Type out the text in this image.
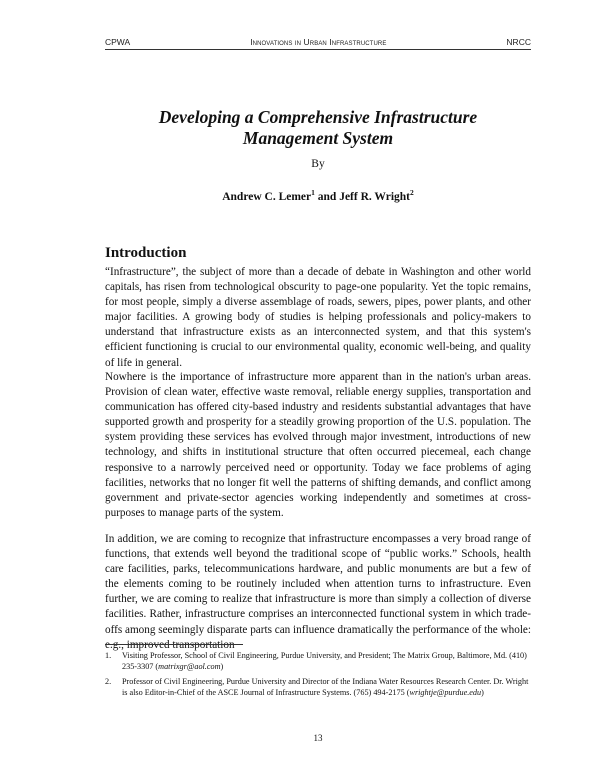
CPWA	Innovations in Urban Infrastructure	NRCC
Developing a Comprehensive Infrastructure
Management System
By
Andrew C. Lemer$^1$ and Jeff R. Wright$^2$
Introduction

“Infrastructure”, the subject of more than a decade of debate in Washington and other world capitals, has risen from technological obscurity to page-one popularity. Yet the topic remains, for most people, simply a diverse assemblage of roads, sewers, pipes, power plants, and other major facilities. A growing body of studies is helping professionals and policy-makers to understand that infrastructure exists as an interconnected system, and that this system's efficient functioning is crucial to our environmental quality, economic well-being, and quality of life in general.

Nowhere is the importance of infrastructure more apparent than in the nation's urban areas. Provision of clean water, effective waste removal, reliable energy supplies, transportation and communication has offered city-based industry and residents substantial advantages that have supported growth and prosperity for a steadily growing proportion of the U.S. population. The system providing these services has evolved through major investment, introductions of new technology, and shifts in institutional structure that often occurred piecemeal, each change responsive to a narrowly perceived need or opportunity. Today we face problems of aging facilities, networks that no longer fit well the patterns of shifting demands, and conflict among government and private-sector agencies working independently and sometimes at cross-purposes to manage parts of the system.

In addition, we are coming to recognize that infrastructure encompasses a very broad range of functions, that extends well beyond the traditional scope of “public works.” Schools, health care facilities, parks, telecommunications hardware, and public monuments are but a few of the elements coming to be routinely included when attention turns to infrastructure. Even further, we are coming to realize that infrastructure is more than simply a collection of diverse facilities. Rather, infrastructure comprises an interconnected functional system in which trade-offs among seemingly disparate parts can influence dramatically the performance of the whole: e.g., improved transportation

1.	Visiting Professor, School of Civil Engineering, Purdue University, and President; The Matrix Group, Baltimore, Md. (410) 235-3307 (matrixgr@aol.com)
2.	Professor of Civil Engineering, Purdue University and Director of the Indiana Water Resources Research Center. Dr. Wright is also Editor-in-Chief of the ASCE Journal of Infrastructure Systems. (765) 494-2175 (wrightje@purdue.edu)
13
